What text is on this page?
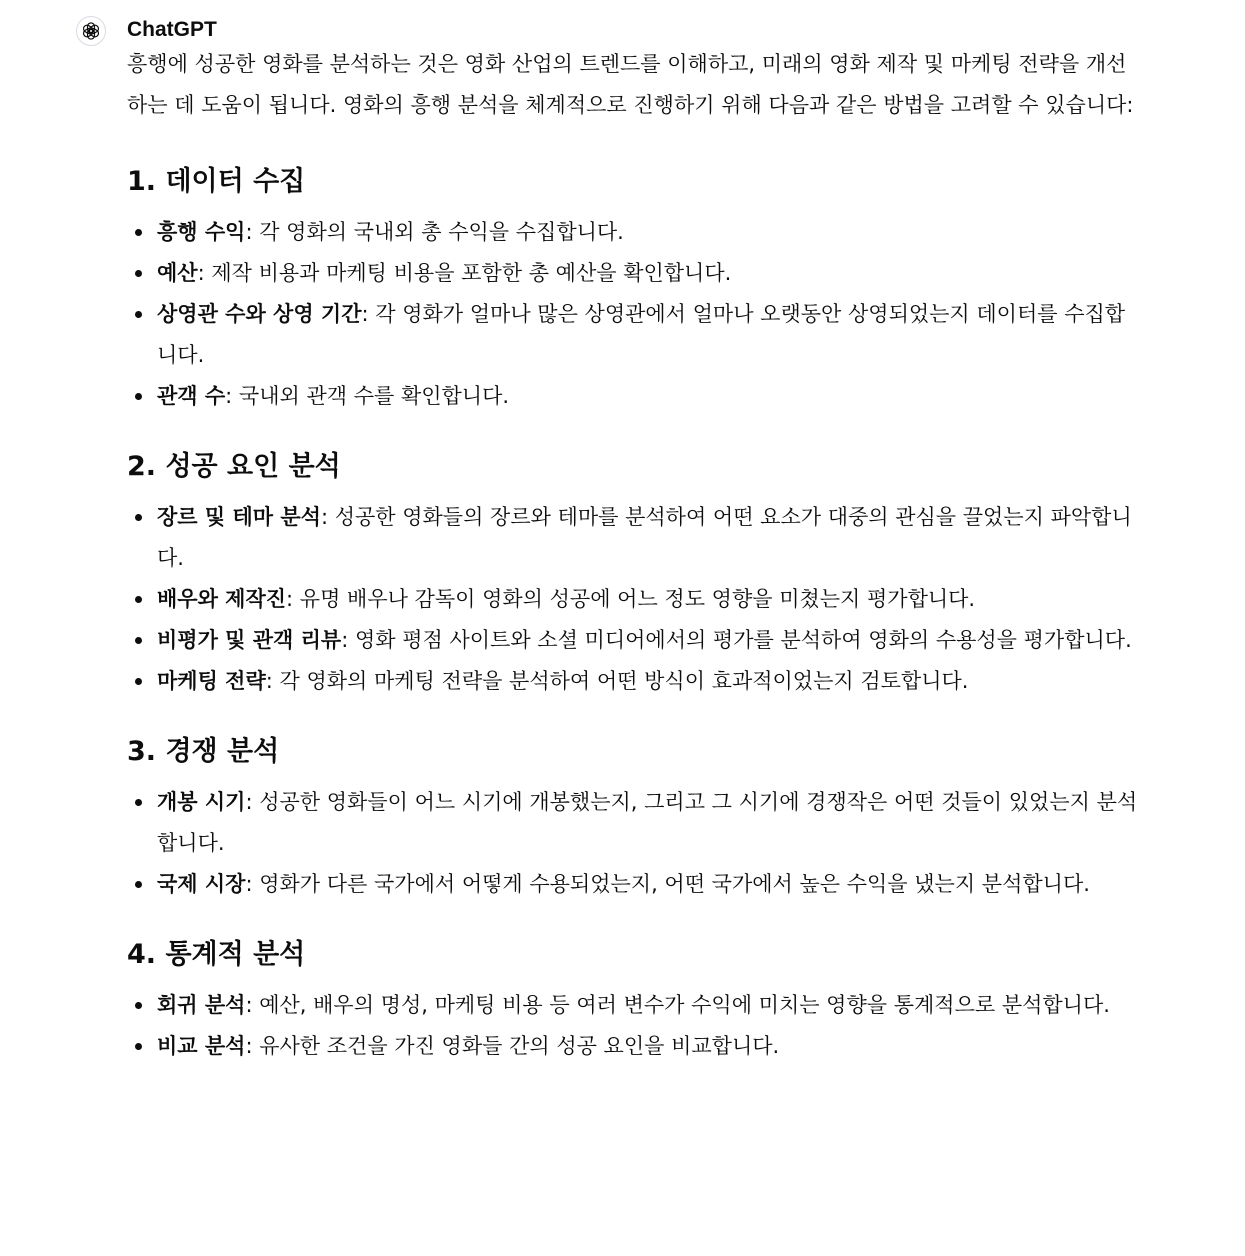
ChatGPT

흥행에 성공한 영화를 분석하는 것은 영화 산업의 트렌드를 이해하고, 미래의 영화 제작 및 마케팅 전략을 개선하는 데 도움이 됩니다. 영화의 흥행 분석을 체계적으로 진행하기 위해 다음과 같은 방법을 고려할 수 있습니다:

1. 데이터 수집
흥행 수익: 각 영화의 국내외 총 수익을 수집합니다.
예산: 제작 비용과 마케팅 비용을 포함한 총 예산을 확인합니다.
상영관 수와 상영 기간: 각 영화가 얼마나 많은 상영관에서 얼마나 오랫동안 상영되었는지 데이터를 수집합니다.
관객 수: 국내외 관객 수를 확인합니다.
2. 성공 요인 분석
장르 및 테마 분석: 성공한 영화들의 장르와 테마를 분석하여 어떤 요소가 대중의 관심을 끌었는지 파악합니다.
배우와 제작진: 유명 배우나 감독이 영화의 성공에 어느 정도 영향을 미쳤는지 평가합니다.
비평가 및 관객 리뷰: 영화 평점 사이트와 소셜 미디어에서의 평가를 분석하여 영화의 수용성을 평가합니다.
마케팅 전략: 각 영화의 마케팅 전략을 분석하여 어떤 방식이 효과적이었는지 검토합니다.
3. 경쟁 분석
개봉 시기: 성공한 영화들이 어느 시기에 개봉했는지, 그리고 그 시기에 경쟁작은 어떤 것들이 있었는지 분석합니다.
국제 시장: 영화가 다른 국가에서 어떻게 수용되었는지, 어떤 국가에서 높은 수익을 냈는지 분석합니다.
4. 통계적 분석
회귀 분석: 예산, 배우의 명성, 마케팅 비용 등 여러 변수가 수익에 미치는 영향을 통계적으로 분석합니다.
비교 분석: 유사한 조건을 가진 영화들 간의 성공 요인을 비교합니다.
